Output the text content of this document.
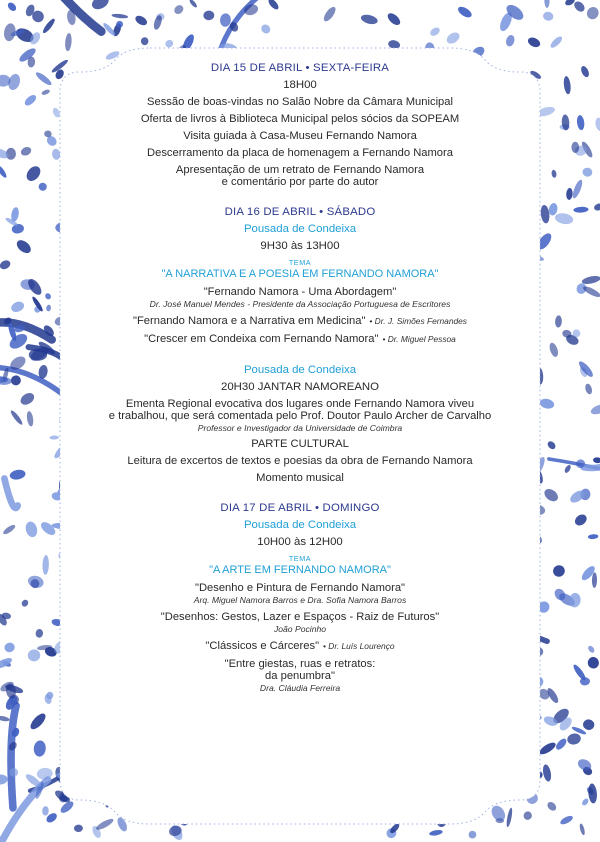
DIA 15 DE ABRIL • SEXTA-FEIRA
18H00
Sessão de boas-vindas no Salão Nobre da Câmara Municipal
Oferta de livros à Biblioteca Municipal pelos sócios da SOPEAM
Visita guiada à Casa-Museu Fernando Namora
Descerramento da placa de homenagem a Fernando Namora
Apresentação de um retrato de Fernando Namora
e comentário por parte do autor
DIA 16 DE ABRIL • SÁBADO
Pousada de Condeixa
9H30 às 13H00
TEMA
"A NARRATIVA E A POESIA EM FERNANDO NAMORA"
"Fernando Namora - Uma Abordagem"
Dr. José Manuel Mendes - Presidente da Associação Portuguesa de Escritores
"Fernando Namora e a Narrativa em Medicina" • Dr. J. Simões Fernandes
"Crescer em Condeixa com Fernando Namora" • Dr. Miguel Pessoa
Pousada de Condeixa
20H30 JANTAR NAMOREANO
Ementa Regional evocativa dos lugares onde Fernando Namora viveu
e trabalhou, que será comentada pelo Prof. Doutor Paulo Archer de Carvalho
Professor e Investigador da Universidade de Coimbra
PARTE CULTURAL
Leitura de excertos de textos e poesias da obra de Fernando Namora
Momento musical
DIA 17 DE ABRIL • DOMINGO
Pousada de Condeixa
10H00 às 12H00
TEMA
"A ARTE EM FERNANDO NAMORA"
"Desenho e Pintura de Fernando Namora"
Arq. Miguel Namora Barros e Dra. Sofia Namora Barros
"Desenhos: Gestos, Lazer e Espaços - Raiz de Futuros"
João Pocinho
"Clássicos e Cárceres" • Dr. Luís Lourenço
"Entre giestas, ruas e retratos:
da penumbra"
Dra. Cláudia Ferreira
